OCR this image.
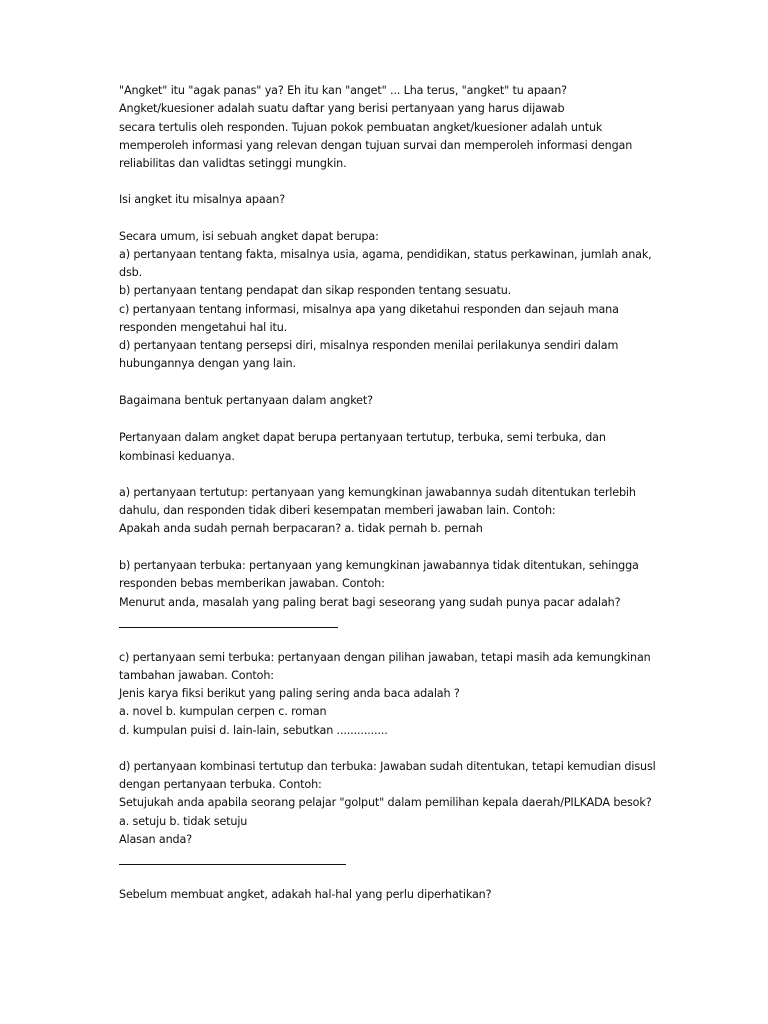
"Angket" itu "agak panas" ya? Eh itu kan "anget" ... Lha terus, "angket" tu apaan?
Angket/kuesioner adalah suatu daftar yang berisi pertanyaan yang harus dijawab
secara tertulis oleh responden. Tujuan pokok pembuatan angket/kuesioner adalah untuk
memperoleh informasi yang relevan dengan tujuan survai dan memperoleh informasi dengan
reliabilitas dan validtas setinggi mungkin.
Isi angket itu misalnya apaan?
Secara umum, isi sebuah angket dapat berupa:
a) pertanyaan tentang fakta, misalnya usia, agama, pendidikan, status perkawinan, jumlah anak,
dsb.
b) pertanyaan tentang pendapat dan sikap responden tentang sesuatu.
c) pertanyaan tentang informasi, misalnya apa yang diketahui responden dan sejauh mana
responden mengetahui hal itu.
d) pertanyaan tentang persepsi diri, misalnya responden menilai perilakunya sendiri dalam
hubungannya dengan yang lain.
Bagaimana bentuk pertanyaan dalam angket?
Pertanyaan dalam angket dapat berupa pertanyaan tertutup, terbuka, semi terbuka, dan
kombinasi keduanya.
a) pertanyaan tertutup: pertanyaan yang kemungkinan jawabannya sudah ditentukan terlebih
dahulu, dan responden tidak diberi kesempatan memberi jawaban lain. Contoh:
Apakah anda sudah pernah berpacaran? a. tidak pernah b. pernah
b) pertanyaan terbuka: pertanyaan yang kemungkinan jawabannya tidak ditentukan, sehingga
responden bebas memberikan jawaban. Contoh:
Menurut anda, masalah yang paling berat bagi seseorang yang sudah punya pacar adalah?
c) pertanyaan semi terbuka: pertanyaan dengan pilihan jawaban, tetapi masih ada kemungkinan
tambahan jawaban. Contoh:
Jenis karya fiksi berikut yang paling sering anda baca adalah ?
a. novel b. kumpulan cerpen c. roman
d. kumpulan puisi d. lain-lain, sebutkan ...............
d) pertanyaan kombinasi tertutup dan terbuka: Jawaban sudah ditentukan, tetapi kemudian disusl
dengan pertanyaan terbuka. Contoh:
Setujukah anda apabila seorang pelajar "golput" dalam pemilihan kepala daerah/PILKADA besok?
a. setuju b. tidak setuju
Alasan anda?
Sebelum membuat angket, adakah hal-hal yang perlu diperhatikan?
